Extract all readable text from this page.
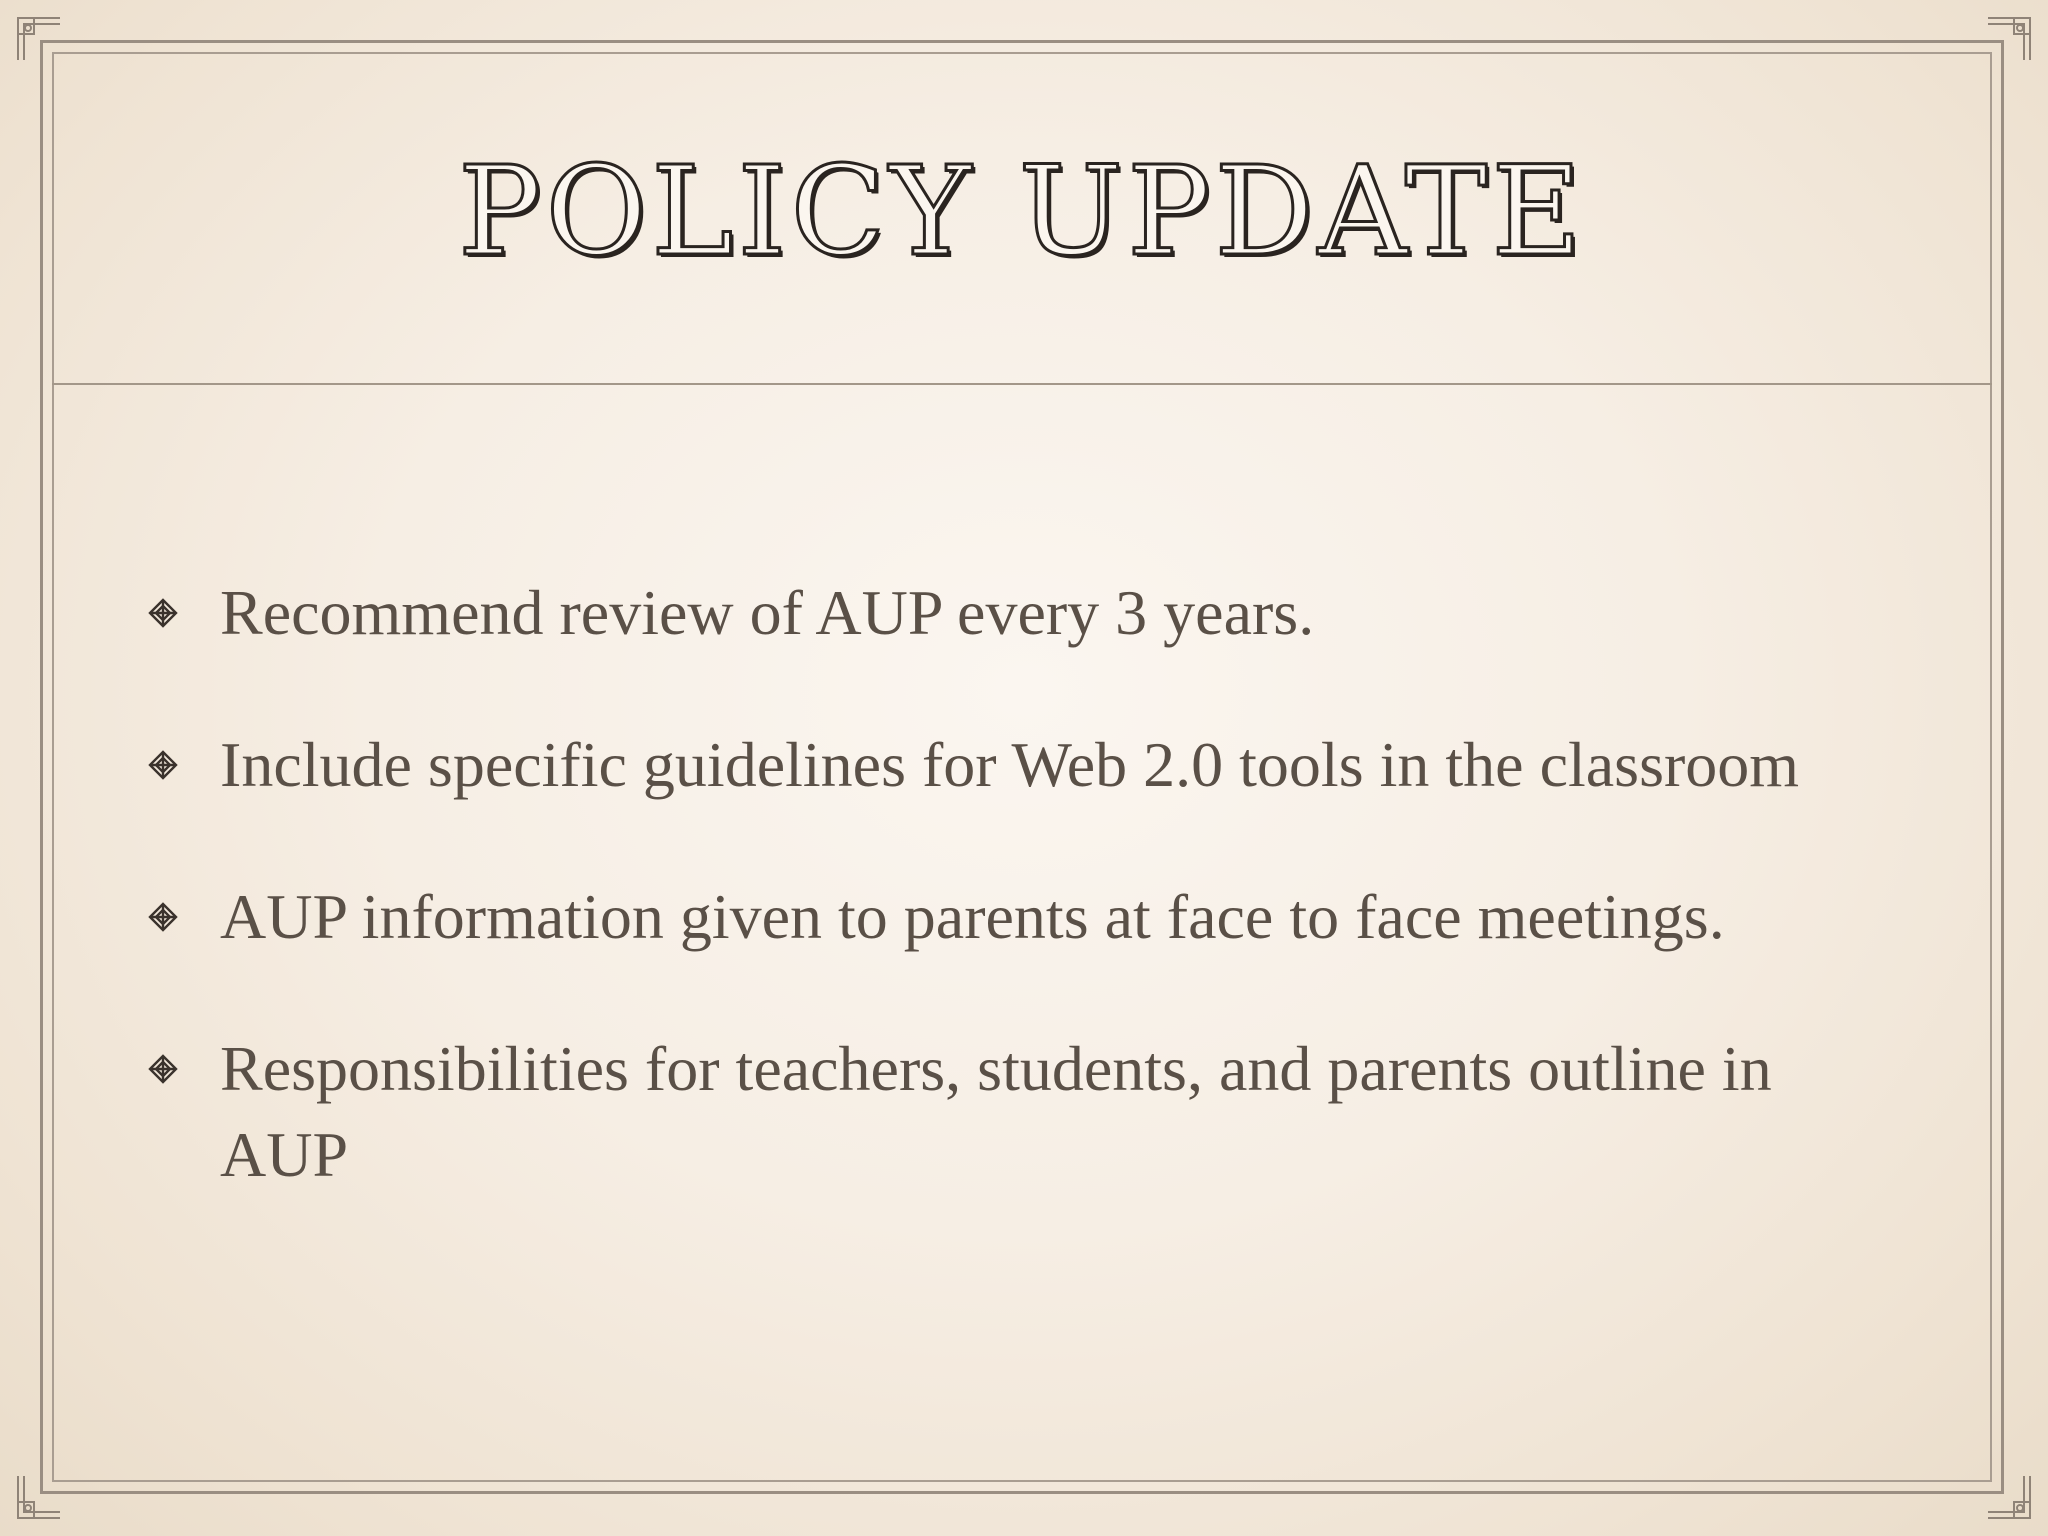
POLICY UPDATE
Recommend review of AUP every 3 years.
Include specific guidelines for Web 2.0 tools in the classroom
AUP information given to parents at face to face meetings.
Responsibilities for teachers, students, and parents outline in AUP
